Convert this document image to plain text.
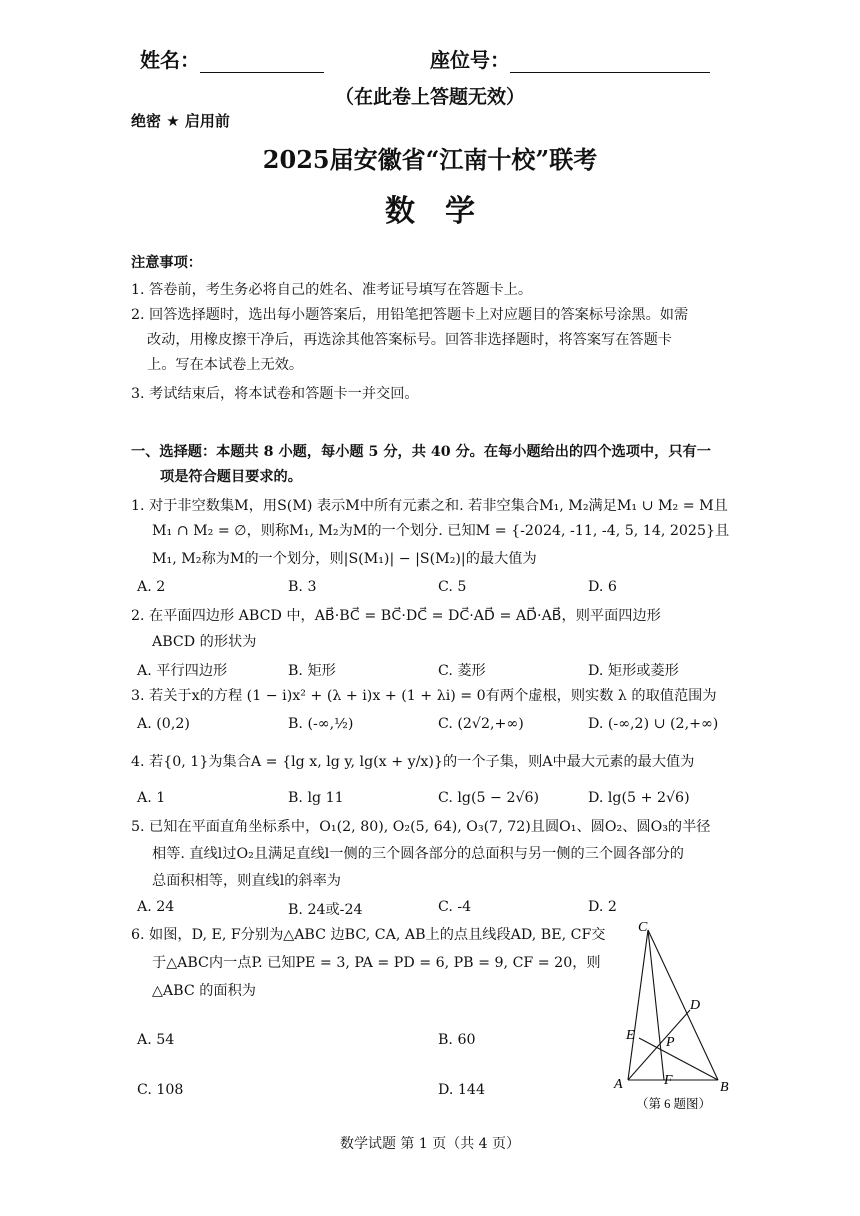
姓名：	座位号：
（在此卷上答题无效）
绝密 ★ 启用前
2025届安徽省“江南十校”联考
数　学
注意事项：
1. 答卷前，考生务必将自己的姓名、准考证号填写在答题卡上。
2. 回答选择题时，选出每小题答案后，用铅笔把答题卡上对应题目的答案标号涂黑。如需
改动，用橡皮擦干净后，再选涂其他答案标号。回答非选择题时，将答案写在答题卡
上。写在本试卷上无效。
3. 考试结束后，将本试卷和答题卡一并交回。
一、选择题：本题共 8 小题，每小题 5 分，共 40 分。在每小题给出的四个选项中，只有一
项是符合题目要求的。
1. 对于非空数集M，用S(M) 表示M中所有元素之和. 若非空集合M₁, M₂满足M₁ ∪ M₂ = M且
M₁ ∩ M₂ = ∅，则称M₁, M₂为M的一个划分. 已知M = {-2024, -11, -4, 5, 14, 2025}且
M₁, M₂称为M的一个划分，则|S(M₁)| − |S(M₂)|的最大值为
A. 2	B. 3	C. 5	D. 6
2. 在平面四边形 ABCD 中，AB⃗·BC⃗ = BC⃗·DC⃗ = DC⃗·AD⃗ = AD⃗·AB⃗，则平面四边形
ABCD 的形状为
A. 平行四边形	B. 矩形	C. 菱形	D. 矩形或菱形
3. 若关于x的方程 (1 − i)x² + (λ + i)x + (1 + λi) = 0有两个虚根，则实数 λ 的取值范围为
A. (0,2)	B. (-∞,½)	C. (2√2,+∞)	D. (-∞,2) ∪ (2,+∞)
4. 若{0, 1}为集合A = {lg x, lg y, lg(x + y/x)}的一个子集，则A中最大元素的最大值为
A. 1	B. lg 11	C. lg(5 − 2√6)	D. lg(5 + 2√6)
5. 已知在平面直角坐标系中，O₁(2, 80), O₂(5, 64), O₃(7, 72)且圆O₁、圆O₂、圆O₃的半径
相等. 直线l过O₂且满足直线l一侧的三个圆各部分的总面积与另一侧的三个圆各部分的
总面积相等，则直线l的斜率为
A. 24	B. 24或-24	C. -4	D. 2
6. 如图，D, E, F分别为△ABC 边BC, CA, AB上的点且线段AD, BE, CF交
于△ABC内一点P. 已知PE = 3, PA = PD = 6, PB = 9, CF = 20，则
△ABC 的面积为
A. 54	B. 60
C. 108	D. 144
C
D
E P
A	F	B
（第 6 题图）
数学试题 第 1 页（共 4 页）
